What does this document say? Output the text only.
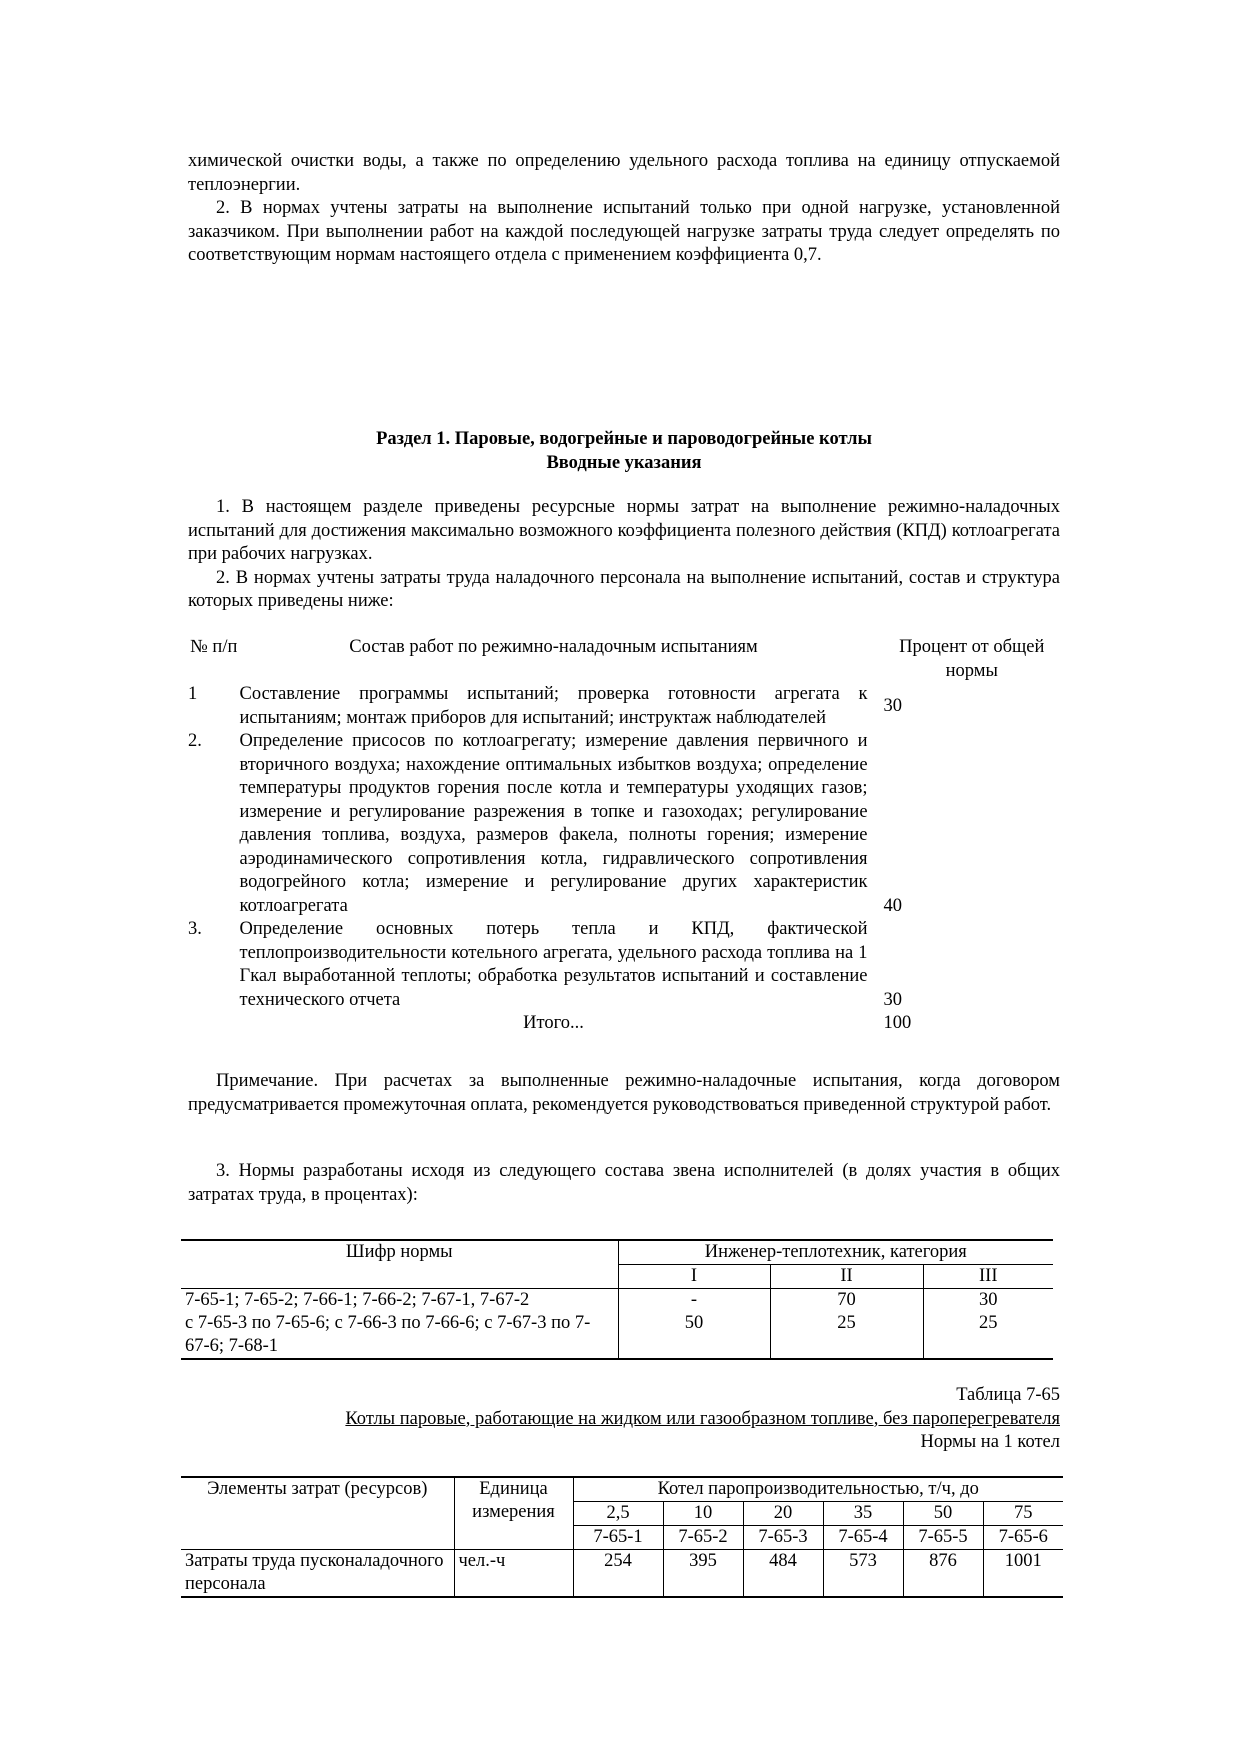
химической очистки воды, а также по определению удельного расхода топлива на единицу отпускаемой теплоэнергии.

2. В нормах учтены затраты на выполнение испытаний только при одной нагрузке, установленной заказчиком. При выполнении работ на каждой последующей нагрузке затраты труда следует определять по соответствующим нормам настоящего отдела с применением коэффициента 0,7.

Раздел 1. Паровые, водогрейные и пароводогрейные котлы

Вводные указания

1. В настоящем разделе приведены ресурсные нормы затрат на выполнение режимно-наладочных испытаний для достижения максимально возможного коэффициента полезного действия (КПД) котлоагрегата при рабочих нагрузках.

2. В нормах учтены затраты труда наладочного персонала на выполнение испытаний, состав и структура которых приведены ниже:

№ п/п	Состав работ по режимно-наладочным испытаниям	Процент от общей нормы
1	Составление программы испытаний; проверка готовности агрегата к испытаниям; монтаж приборов для испытаний; инструктаж наблюдателей	30
2.	Определение присосов по котлоагрегату; измерение давления первичного и вторичного воздуха; нахождение оптимальных избытков воздуха; определение температуры продуктов горения после котла и температуры уходящих газов; измерение и регулирование разрежения в топке и газоходах; регулирование давления топлива, воздуха, размеров факела, полноты горения; измерение аэродинамического сопротивления котла, гидравлического сопротивления водогрейного котла; измерение и регулирование других характеристик котлоагрегата	40
3.	Определение основных потерь тепла и КПД, фактической теплопроизводительности котельного агрегата, удельного расхода топлива на 1 Гкал выработанной теплоты; обработка результатов испытаний и составление технического отчета	30
	Итого...	100

Примечание. При расчетах за выполненные режимно-наладочные испытания, когда договором предусматривается промежуточная оплата, рекомендуется руководствоваться приведенной структурой работ.

3. Нормы разработаны исходя из следующего состава звена исполнителей (в долях участия в общих затратах труда, в процентах):

Шифр нормы	Инженер-теплотехник, категория		
	I	II	III
7-65-1; 7-65-2; 7-66-1; 7-66-2; 7-67-1, 7-67-2	-	70	30
с 7-65-3 по 7-65-6; с 7-66-3 по 7-66-6; с 7-67-3 по 7-67-6; 7-68-1	50	25	25

Таблица 7-65

Котлы паровые, работающие на жидком или газообразном топливе, без пароперегревателя

Нормы на 1 котел

Элементы затрат (ресурсов)	Единица измерения	Котел паропроизводительностью, т/ч, до					
		2,5	10	20	35	50	75
		7-65-1	7-65-2	7-65-3	7-65-4	7-65-5	7-65-6
Затраты труда пусконаладочного персонала	чел.-ч	254	395	484	573	876	1001
